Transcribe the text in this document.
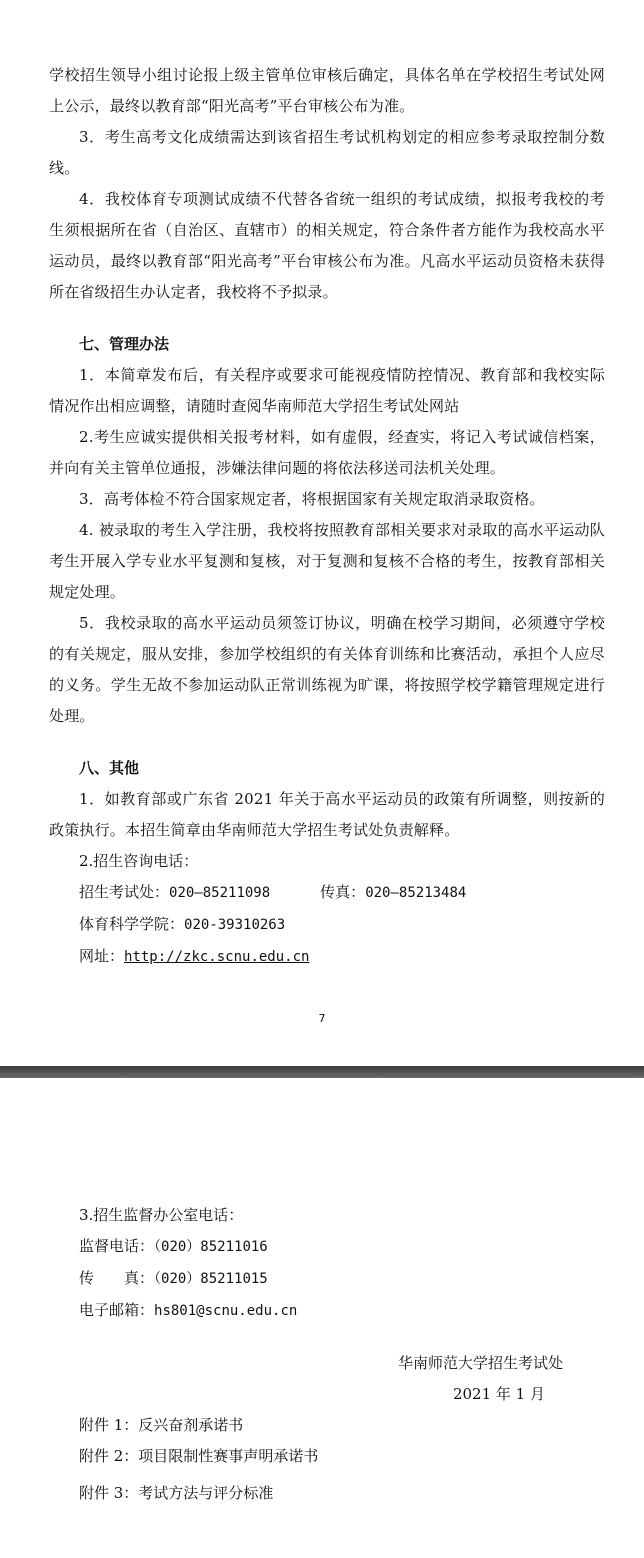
学校招生领导小组讨论报上级主管单位审核后确定，具体名单在学校招生考试处网上公示，最终以教育部“阳光高考”平台审核公布为准。

3．考生高考文化成绩需达到该省招生考试机构划定的相应参考录取控制分数线。

4．我校体育专项测试成绩不代替各省统一组织的考试成绩，拟报考我校的考生须根据所在省（自治区、直辖市）的相关规定，符合条件者方能作为我校高水平运动员，最终以教育部“阳光高考”平台审核公布为准。凡高水平运动员资格未获得所在省级招生办认定者，我校将不予拟录。

七、管理办法

1．本简章发布后，有关程序或要求可能视疫情防控情况、教育部和我校实际情况作出相应调整，请随时查阅华南师范大学招生考试处网站

2.考生应诚实提供相关报考材料，如有虚假，经查实，将记入考试诚信档案，并向有关主管单位通报，涉嫌法律问题的将依法移送司法机关处理。

3．高考体检不符合国家规定者，将根据国家有关规定取消录取资格。

4. 被录取的考生入学注册，我校将按照教育部相关要求对录取的高水平运动队考生开展入学专业水平复测和复核，对于复测和复核不合格的考生，按教育部相关规定处理。

5．我校录取的高水平运动员须签订协议，明确在校学习期间，必须遵守学校的有关规定，服从安排，参加学校组织的有关体育训练和比赛活动，承担个人应尽的义务。学生无故不参加运动队正常训练视为旷课，将按照学校学籍管理规定进行处理。

八、其他

1．如教育部或广东省 2021 年关于高水平运动员的政策有所调整，则按新的政策执行。本招生简章由华南师范大学招生考试处负责解释。

2.招生咨询电话：
招生考试处：020—85211098	传真：020—85213484
体育科学学院：020-39310263
网址：http://zkc.scnu.edu.cn
7
3.招生监督办公室电话：
监督电话：（020）85211016
传　　真：（020）85211015
电子邮箱：hs801@scnu.edu.cn
华南师范大学招生考试处
2021 年 1 月
附件 1：反兴奋剂承诺书
附件 2：项目限制性赛事声明承诺书
附件 3：考试方法与评分标准
